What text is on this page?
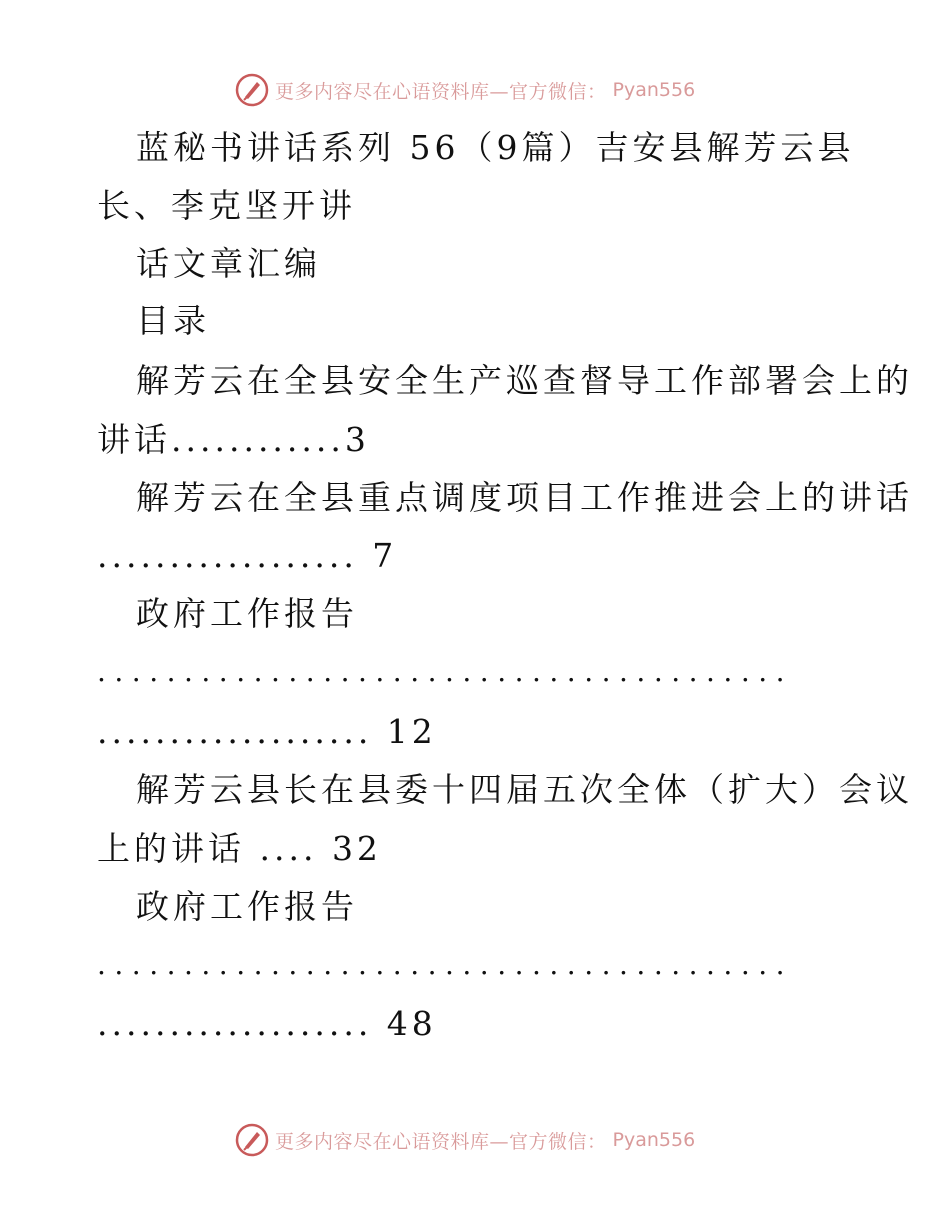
更多内容尽在心语资料库—官方微信： Pyan556
蓝秘书讲话系列 56（9篇）吉安县解芳云县
长、李克坚开讲
话文章汇编
目录
解芳云在全县安全生产巡查督导工作部署会上的
讲话............3
解芳云在全县重点调度项目工作推进会上的讲话
.................. 7
政府工作报告
........................................
................... 12
解芳云县长在县委十四届五次全体（扩大）会议
上的讲话 .... 32
政府工作报告
........................................
................... 48
更多内容尽在心语资料库—官方微信： Pyan556
